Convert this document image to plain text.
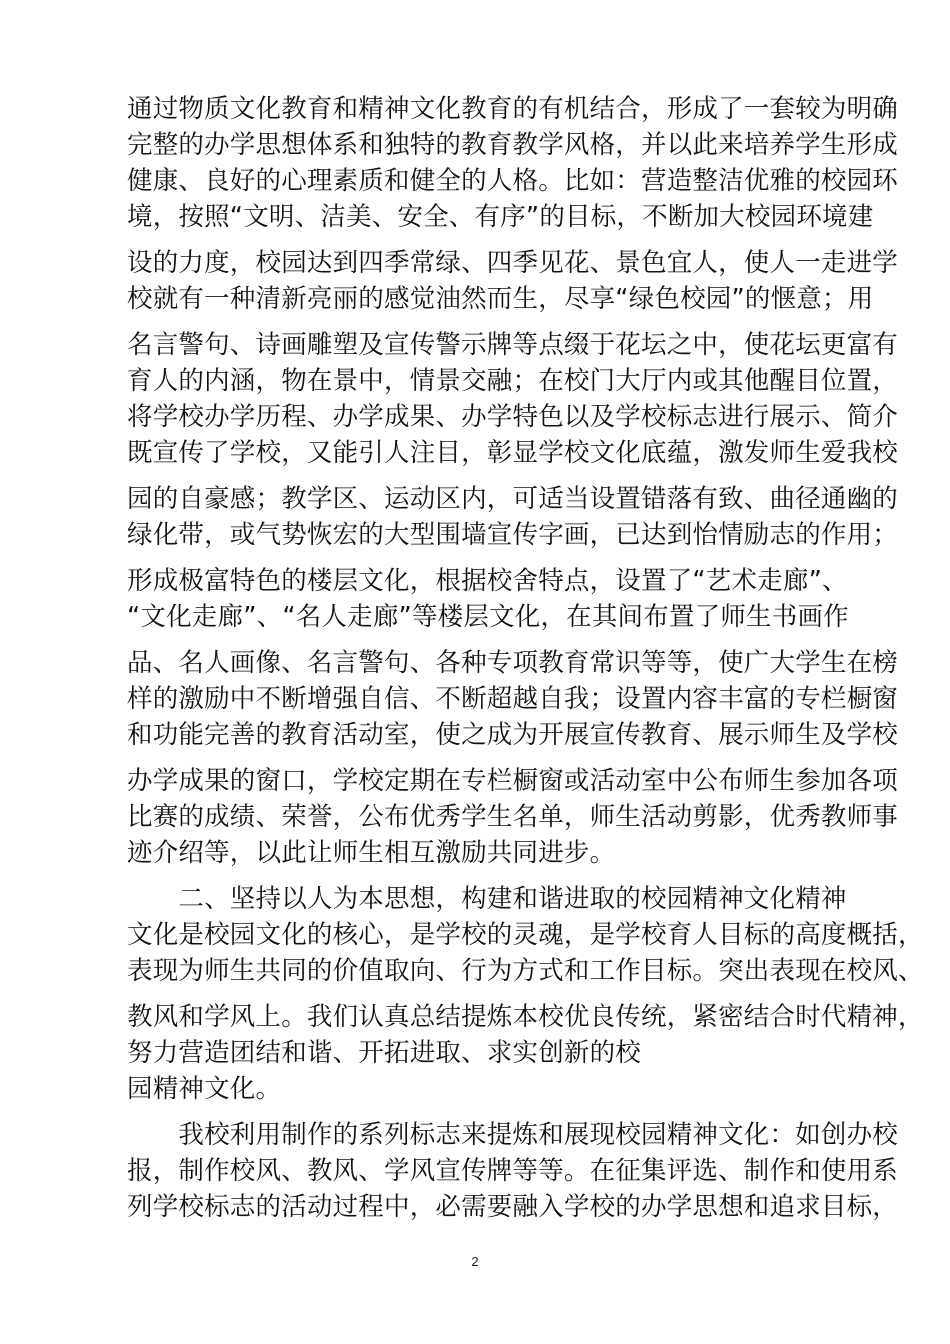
通过物质文化教育和精神文化教育的有机结合，形成了一套较为明确
完整的办学思想体系和独特的教育教学风格，并以此来培养学生形成
健康、良好的心理素质和健全的人格。比如：营造整洁优雅的校园环
境，按照“文明、洁美、安全、有序”的目标，不断加大校园环境建
设的力度，校园达到四季常绿、四季见花、景色宜人，使人一走进学
校就有一种清新亮丽的感觉油然而生，尽享“绿色校园”的惬意；用
名言警句、诗画雕塑及宣传警示牌等点缀于花坛之中，使花坛更富有
育人的内涵，物在景中，情景交融；在校门大厅内或其他醒目位置，
将学校办学历程、办学成果、办学特色以及学校标志进行展示、简介
既宣传了学校，又能引人注目，彰显学校文化底蕴，激发师生爱我校
园的自豪感；教学区、运动区内，可适当设置错落有致、曲径通幽的
绿化带，或气势恢宏的大型围墙宣传字画，已达到怡情励志的作用；
形成极富特色的楼层文化，根据校舍特点，设置了“艺术走廊”、
“文化走廊”、“名人走廊”等楼层文化，在其间布置了师生书画作
品、名人画像、名言警句、各种专项教育常识等等，使广大学生在榜
样的激励中不断增强自信、不断超越自我；设置内容丰富的专栏橱窗
和功能完善的教育活动室，使之成为开展宣传教育、展示师生及学校
办学成果的窗口，学校定期在专栏橱窗或活动室中公布师生参加各项
比赛的成绩、荣誉，公布优秀学生名单，师生活动剪影，优秀教师事
迹介绍等，以此让师生相互激励共同进步。
　　二、坚持以人为本思想，构建和谐进取的校园精神文化精神
文化是校园文化的核心，是学校的灵魂，是学校育人目标的高度概括，
表现为师生共同的价值取向、行为方式和工作目标。突出表现在校风、
教风和学风上。我们认真总结提炼本校优良传统，紧密结合时代精神，
努力营造团结和谐、开拓进取、求实创新的校
园精神文化。
　　我校利用制作的系列标志来提炼和展现校园精神文化：如创办校
报，制作校风、教风、学风宣传牌等等。在征集评选、制作和使用系
列学校标志的活动过程中，必需要融入学校的办学思想和追求目标，
2
